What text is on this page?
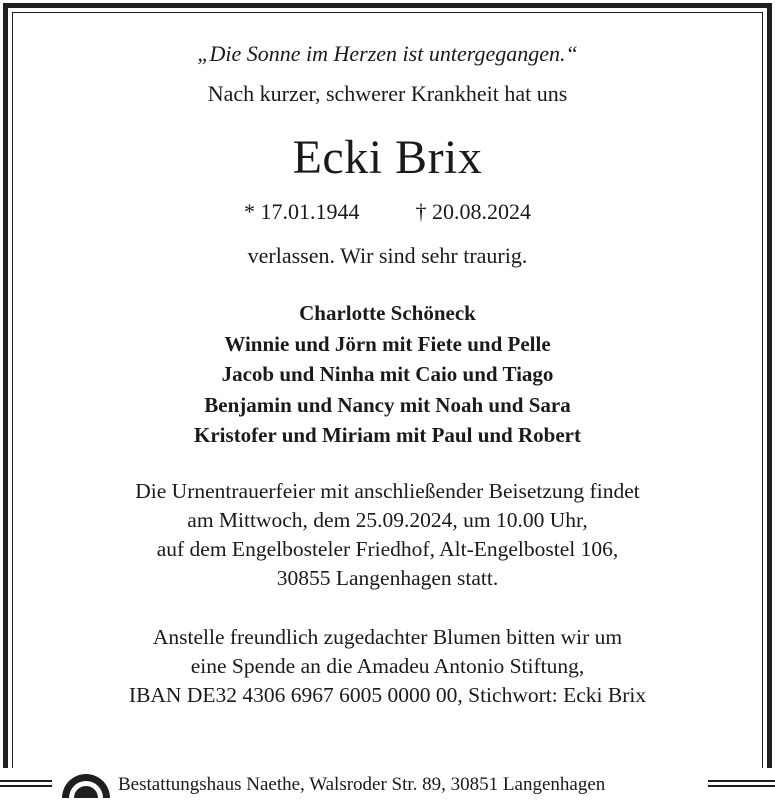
„Die Sonne im Herzen ist untergegangen.“
Nach kurzer, schwerer Krankheit hat uns
Ecki Brix
* 17.01.1944	† 20.08.2024
verlassen. Wir sind sehr traurig.
Charlotte Schöneck
Winnie und Jörn mit Fiete und Pelle
Jacob und Ninha mit Caio und Tiago
Benjamin und Nancy mit Noah und Sara
Kristofer und Miriam mit Paul und Robert
Die Urnentrauerfeier mit anschließender Beisetzung findet
am Mittwoch, dem 25.09.2024, um 10.00 Uhr,
auf dem Engelbosteler Friedhof, Alt-Engelbostel 106,
30855 Langenhagen statt.
Anstelle freundlich zugedachter Blumen bitten wir um
eine Spende an die Amadeu Antonio Stiftung,
IBAN DE32 4306 6967 6005 0000 00, Stichwort: Ecki Brix
Bestattungshaus Naethe, Walsroder Str. 89, 30851 Langenhagen
